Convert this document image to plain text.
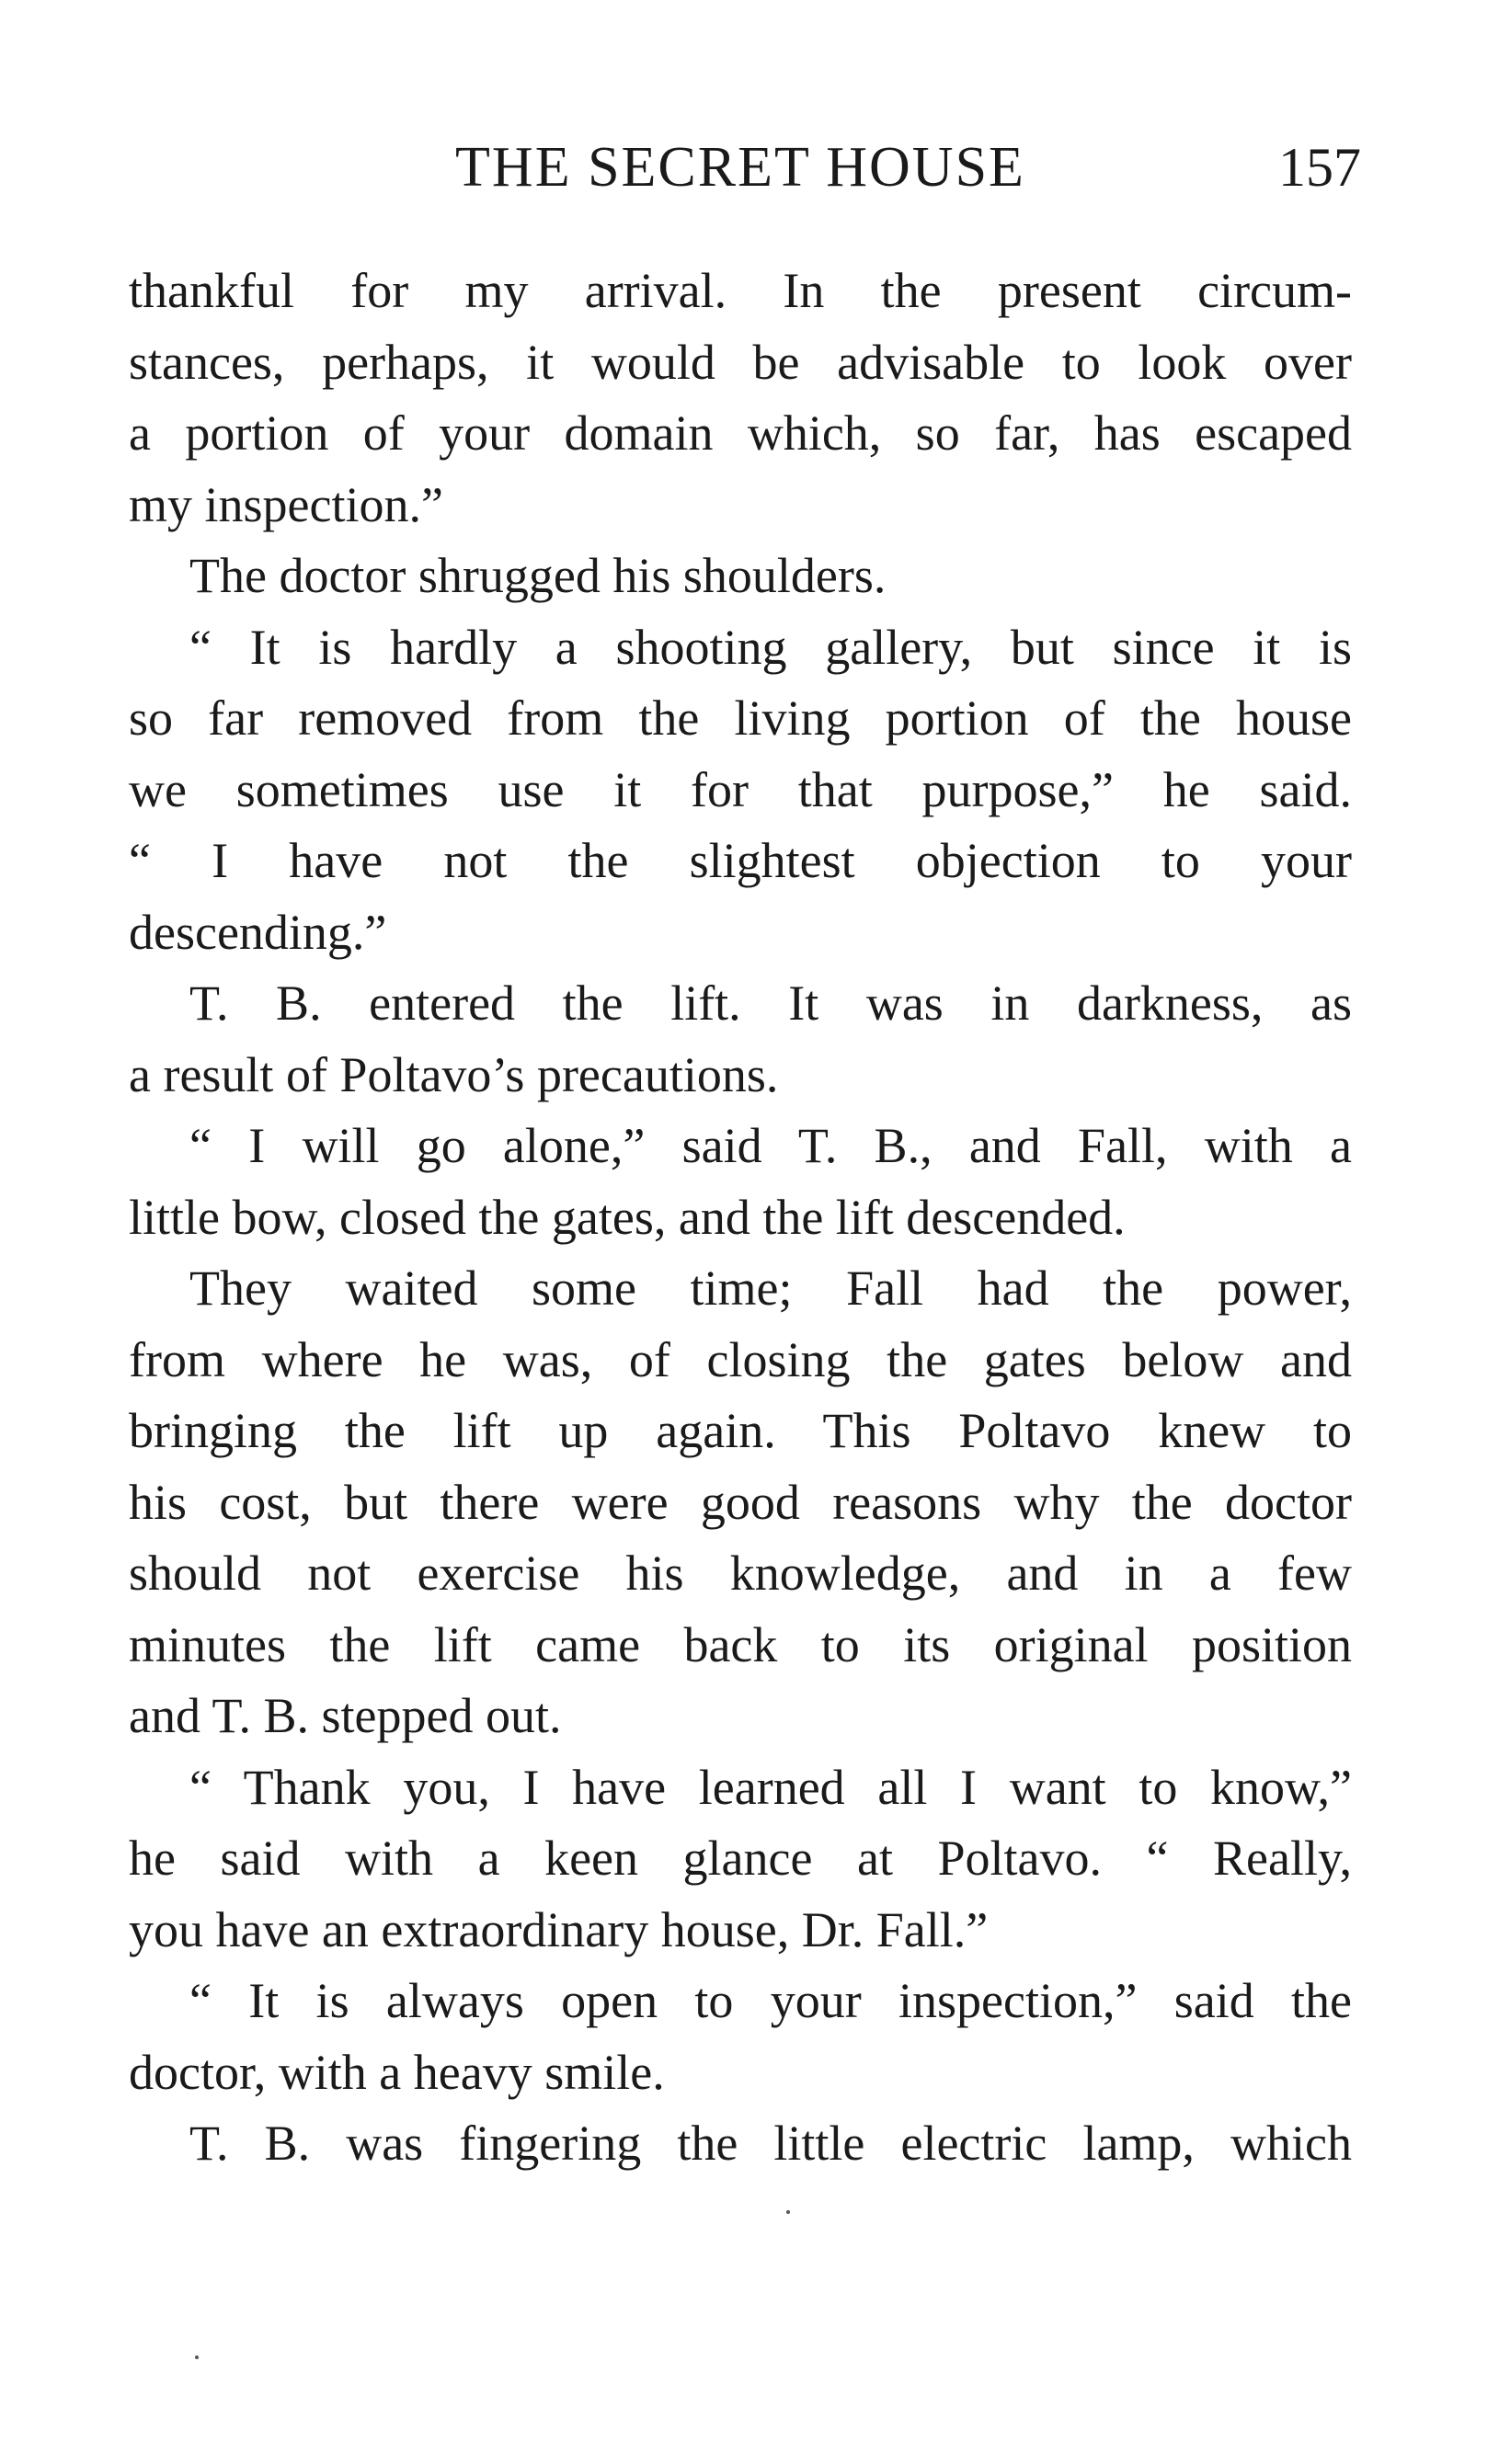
THE SECRET HOUSE	157
thankful for my arrival. In the present circum-
stances, perhaps, it would be advisable to look over
a portion of your domain which, so far, has escaped
my inspection.”
The doctor shrugged his shoulders.
“ It is hardly a shooting gallery, but since it is
so far removed from the living portion of the house
we sometimes use it for that purpose,” he said.
“ I have not the slightest objection to your
descending.”
T. B. entered the lift. It was in darkness, as
a result of Poltavo’s precautions.
“ I will go alone,” said T. B., and Fall, with a
little bow, closed the gates, and the lift descended.
They waited some time; Fall had the power,
from where he was, of closing the gates below and
bringing the lift up again. This Poltavo knew to
his cost, but there were good reasons why the doctor
should not exercise his knowledge, and in a few
minutes the lift came back to its original position
and T. B. stepped out.
“ Thank you, I have learned all I want to know,”
he said with a keen glance at Poltavo. “ Really,
you have an extraordinary house, Dr. Fall.”
“ It is always open to your inspection,” said the
doctor, with a heavy smile.
T. B. was fingering the little electric lamp, which
